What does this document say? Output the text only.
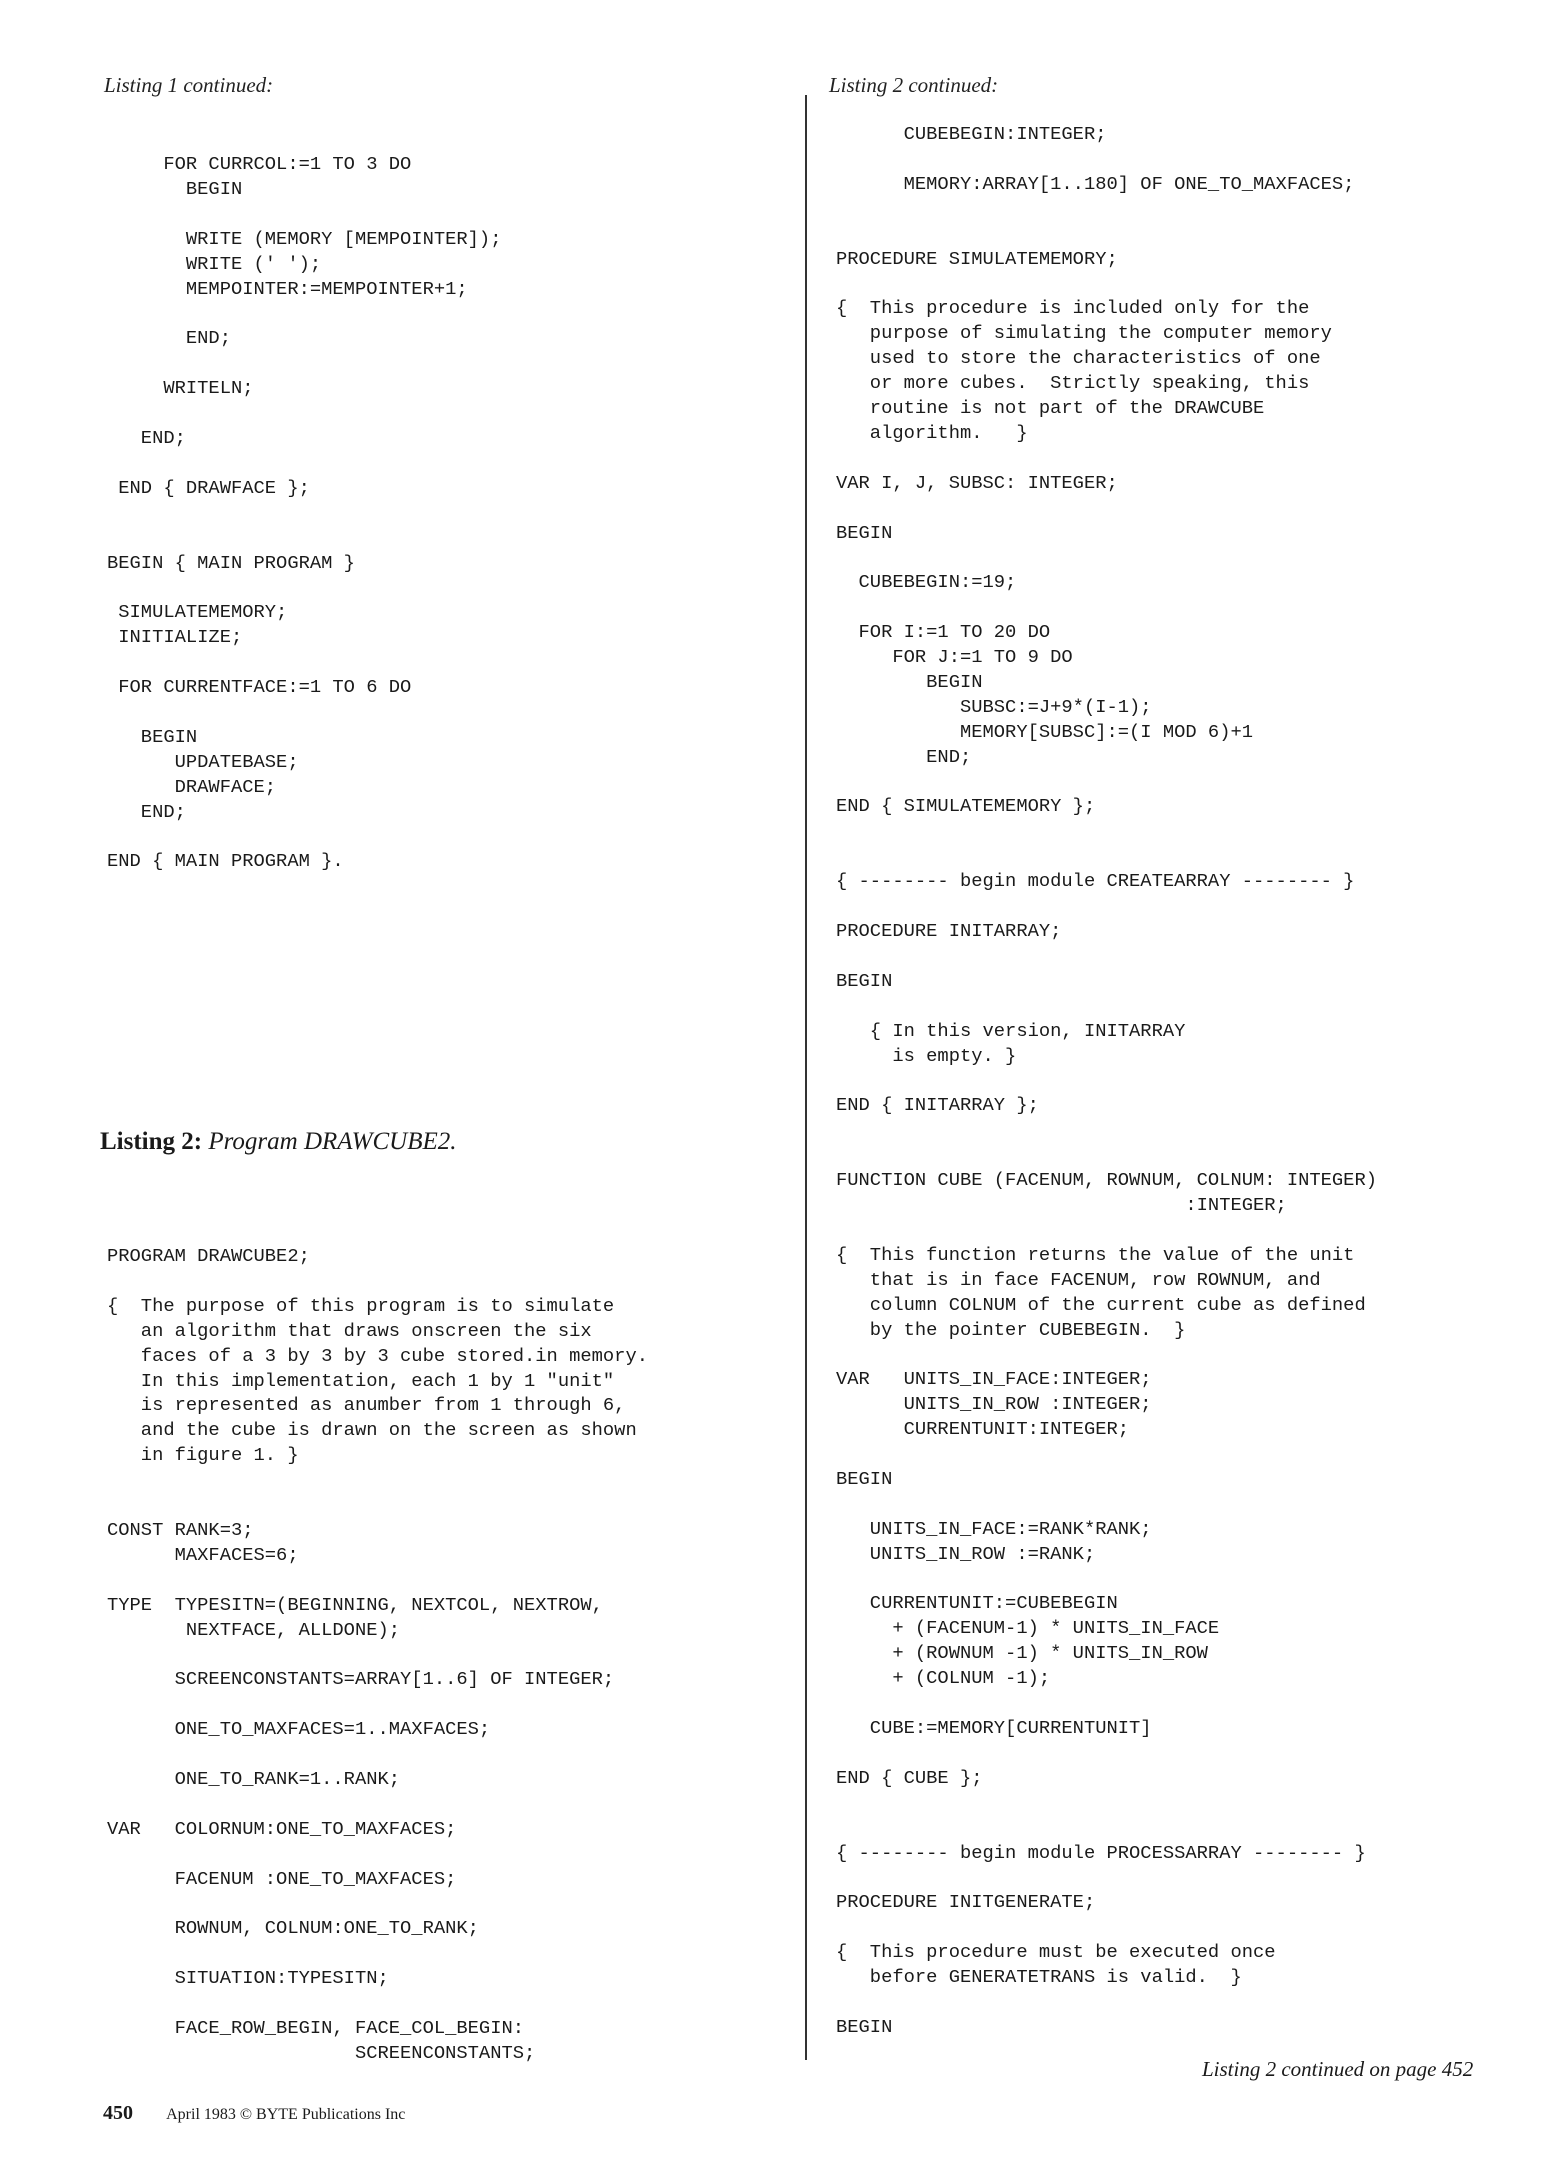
Listing 1 continued:
FOR CURRCOL:=1 TO 3 DO
BEGIN

WRITE (MEMORY [MEMPOINTER]);
WRITE (' ');
MEMPOINTER:=MEMPOINTER+1;

END;

WRITELN;

END;

END { DRAWFACE };

BEGIN { MAIN PROGRAM }

SIMULATEMEMORY;
INITIALIZE;

FOR CURRENTFACE:=1 TO 6 DO

BEGIN
UPDATEBASE;
DRAWFACE;
END;

END { MAIN PROGRAM }.
Listing 2: Program DRAWCUBE2.
PROGRAM DRAWCUBE2;

{  The purpose of this program is to simulate
an algorithm that draws onscreen the six
faces of a 3 by 3 by 3 cube stored.in memory.
In this implementation, each 1 by 1 "unit"
is represented as anumber from 1 through 6,
and the cube is drawn on the screen as shown
in figure 1. }

CONST RANK=3;
MAXFACES=6;

TYPE  TYPESITN=(BEGINNING, NEXTCOL, NEXTROW,
NEXTFACE, ALLDONE);

SCREENCONSTANTS=ARRAY[1..6] OF INTEGER;

ONE_TO_MAXFACES=1..MAXFACES;

ONE_TO_RANK=1..RANK;

VAR   COLORNUM:ONE_TO_MAXFACES;

FACENUM :ONE_TO_MAXFACES;

ROWNUM, COLNUM:ONE_TO_RANK;

SITUATION:TYPESITN;

FACE_ROW_BEGIN, FACE_COL_BEGIN:
SCREENCONSTANTS;
Listing 2 continued:
CUBEBEGIN:INTEGER;

MEMORY:ARRAY[1..180] OF ONE_TO_MAXFACES;

PROCEDURE SIMULATEMEMORY;

{  This procedure is included only for the
purpose of simulating the computer memory
used to store the characteristics of one
or more cubes.  Strictly speaking, this
routine is not part of the DRAWCUBE
algorithm.   }

VAR I, J, SUBSC: INTEGER;

BEGIN

CUBEBEGIN:=19;

FOR I:=1 TO 20 DO
FOR J:=1 TO 9 DO
BEGIN
SUBSC:=J+9*(I-1);
MEMORY[SUBSC]:=(I MOD 6)+1
END;

END { SIMULATEMEMORY };

{ -------- begin module CREATEARRAY -------- }

PROCEDURE INITARRAY;

BEGIN

{ In this version, INITARRAY
is empty. }

END { INITARRAY };

FUNCTION CUBE (FACENUM, ROWNUM, COLNUM: INTEGER)
:INTEGER;

{  This function returns the value of the unit
that is in face FACENUM, row ROWNUM, and
column COLNUM of the current cube as defined
by the pointer CUBEBEGIN.  }

VAR   UNITS_IN_FACE:INTEGER;
UNITS_IN_ROW :INTEGER;
CURRENTUNIT:INTEGER;

BEGIN

UNITS_IN_FACE:=RANK*RANK;
UNITS_IN_ROW :=RANK;

CURRENTUNIT:=CUBEBEGIN
+ (FACENUM-1) * UNITS_IN_FACE
+ (ROWNUM -1) * UNITS_IN_ROW
+ (COLNUM -1);

CUBE:=MEMORY[CURRENTUNIT]

END { CUBE };

{ -------- begin module PROCESSARRAY -------- }

PROCEDURE INITGENERATE;

{  This procedure must be executed once
before GENERATETRANS is valid.  }

BEGIN
Listing 2 continued on page 452
450 April 1983 © BYTE Publications Inc
